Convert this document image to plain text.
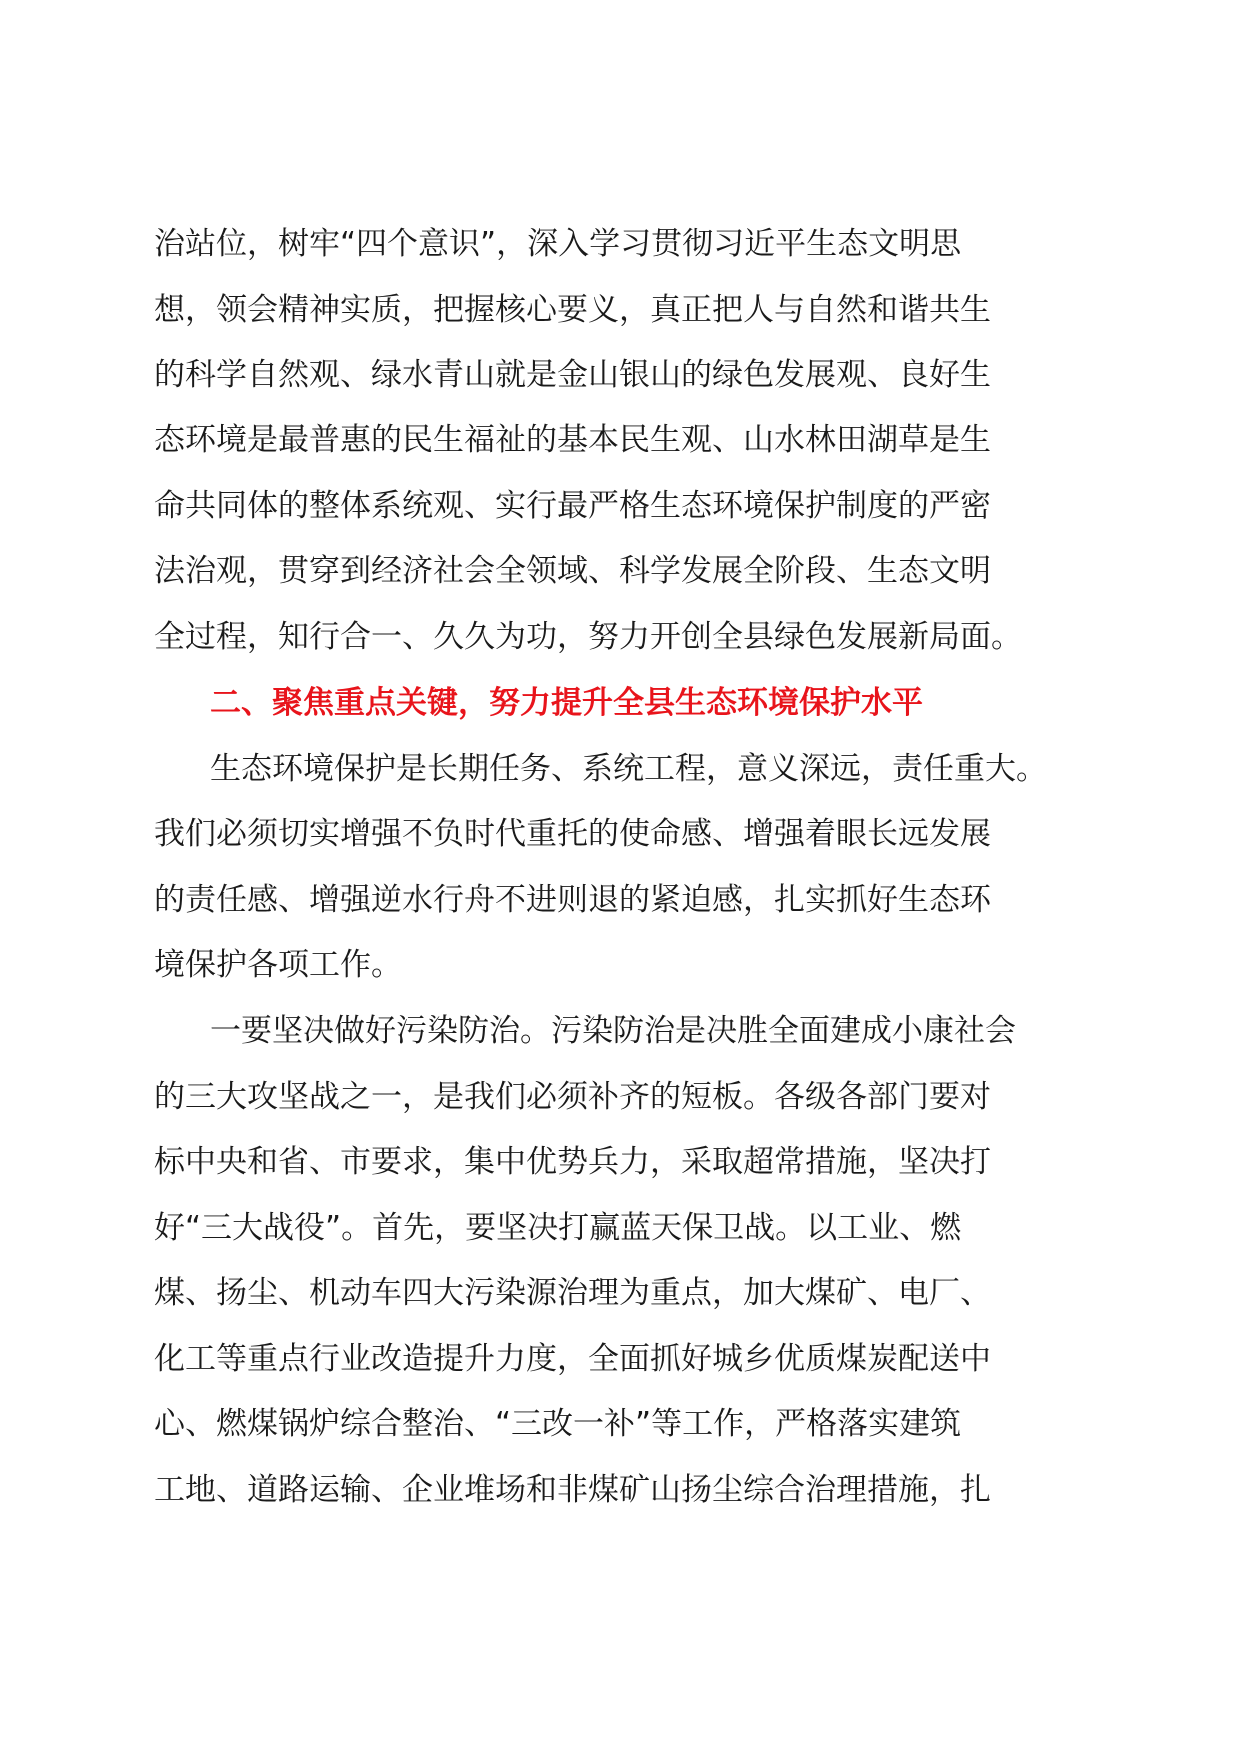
治站位，树牢“四个意识”，深入学习贯彻习近平生态文明思
想，领会精神实质，把握核心要义，真正把人与自然和谐共生
的科学自然观、绿水青山就是金山银山的绿色发展观、良好生
态环境是最普惠的民生福祉的基本民生观、山水林田湖草是生
命共同体的整体系统观、实行最严格生态环境保护制度的严密
法治观，贯穿到经济社会全领域、科学发展全阶段、生态文明
全过程，知行合一、久久为功，努力开创全县绿色发展新局面。
二、聚焦重点关键，努力提升全县生态环境保护水平
生态环境保护是长期任务、系统工程，意义深远，责任重大。
我们必须切实增强不负时代重托的使命感、增强着眼长远发展
的责任感、增强逆水行舟不进则退的紧迫感，扎实抓好生态环
境保护各项工作。
一要坚决做好污染防治。污染防治是决胜全面建成小康社会
的三大攻坚战之一，是我们必须补齐的短板。各级各部门要对
标中央和省、市要求，集中优势兵力，采取超常措施，坚决打
好“三大战役”。首先，要坚决打赢蓝天保卫战。以工业、燃
煤、扬尘、机动车四大污染源治理为重点，加大煤矿、电厂、
化工等重点行业改造提升力度，全面抓好城乡优质煤炭配送中
心、燃煤锅炉综合整治、“三改一补”等工作，严格落实建筑
工地、道路运输、企业堆场和非煤矿山扬尘综合治理措施，扎
